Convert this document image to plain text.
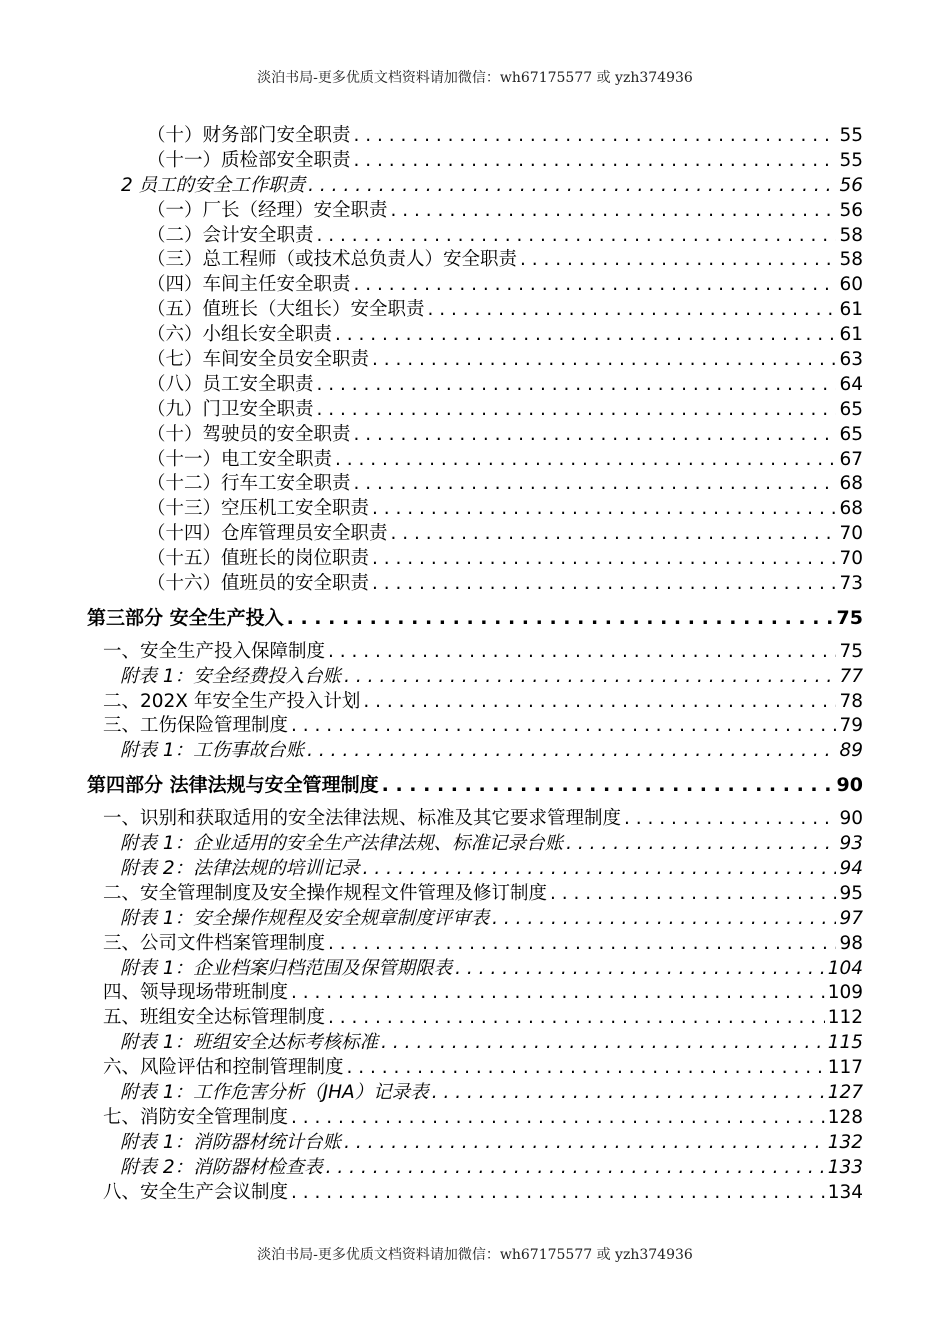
淡泊书局-更多优质文档资料请加微信：wh67175577 或 yzh374936
（十）财务部门安全职责 . . .	55
（十一）质检部安全职责 . . .	55
2 员工的安全工作职责 . . .	56
（一）厂长（经理）安全职责 . . .	56
（二）会计安全职责 . . .	58
（三）总工程师（或技术总负责人）安全职责 . . .	58
（四）车间主任安全职责 . . .	60
（五）值班长（大组长）安全职责 . . .	61
（六）小组长安全职责 . . .	61
（七）车间安全员安全职责 . . .	63
（八）员工安全职责 . . .	64
（九）门卫安全职责 . . .	65
（十）驾驶员的安全职责 . . .	65
（十一）电工安全职责 . . .	67
（十二）行车工安全职责 . . .	68
（十三）空压机工安全职责 . . .	68
（十四）仓库管理员安全职责 . . .	70
（十五）值班长的岗位职责 . . .	70
（十六）值班员的安全职责 . . .	73
第三部分 安全生产投入 . . .	75
一、安全生产投入保障制度 . . .	75
附表 1：安全经费投入台账 . . .	77
二、202X 年安全生产投入计划 . . .	78
三、工伤保险管理制度 . . .	79
附表 1：工伤事故台账 . . .	89
第四部分 法律法规与安全管理制度 . . .	90
一、识别和获取适用的安全法律法规、标准及其它要求管理制度 . . .	90
附表 1：企业适用的安全生产法律法规、标准记录台账 . . .	93
附表 2：法律法规的培训记录 . . .	94
二、安全管理制度及安全操作规程文件管理及修订制度 . . .	95
附表 1：安全操作规程及安全规章制度评审表 . . .	97
三、公司文件档案管理制度 . . .	98
附表 1：企业档案归档范围及保管期限表 . . .	104
四、领导现场带班制度 . . .	109
五、班组安全达标管理制度 . . .	112
附表 1：班组安全达标考核标准 . . .	115
六、风险评估和控制管理制度 . . .	117
附表 1：工作危害分析（JHA）记录表 . . .	127
七、消防安全管理制度 . . .	128
附表 1：消防器材统计台账 . . .	132
附表 2：消防器材检查表 . . .	133
八、安全生产会议制度 . . .	134
淡泊书局-更多优质文档资料请加微信：wh67175577 或 yzh374936
